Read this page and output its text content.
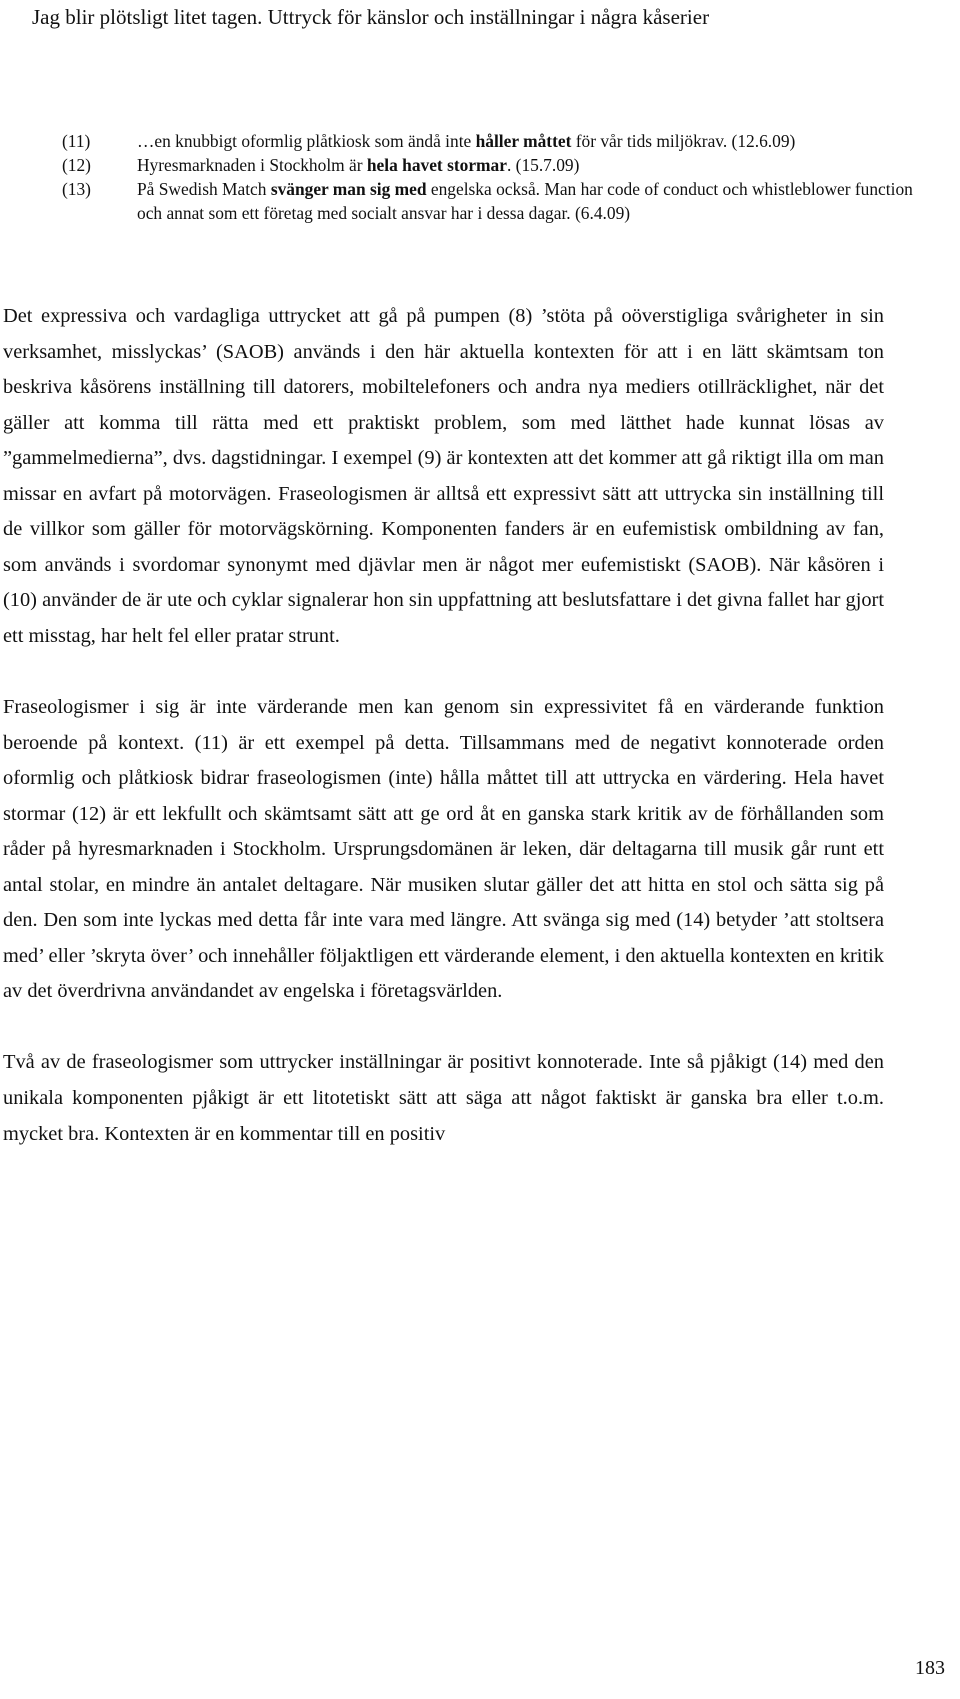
Jag blir plötsligt litet tagen. Uttryck för känslor och inställningar i några kåserier
(11)	…en knubbigt oformlig plåtkiosk som ändå inte håller måttet för vår tids miljökrav. (12.6.09)
(12)	Hyresmarknaden i Stockholm är hela havet stormar. (15.7.09)
(13)	På Swedish Match svänger man sig med engelska också. Man har code of conduct och whistleblower function och annat som ett företag med socialt ansvar har i dessa dagar. (6.4.09)

Det expressiva och vardagliga uttrycket att gå på pumpen (8) ’stöta på oöverstigliga svårigheter in sin verksamhet, misslyckas’ (SAOB) används i den här aktuella kontexten för att i en lätt skämtsam ton beskriva kåsörens inställning till datorers, mobiltelefoners och andra nya mediers otillräcklighet, när det gäller att komma till rätta med ett praktiskt problem, som med lätthet hade kunnat lösas av ”gammelmedierna”, dvs. dagstidningar. I exempel (9) är kontexten att det kommer att gå riktigt illa om man missar en avfart på motorvägen. Fraseologismen är alltså ett expressivt sätt att uttrycka sin inställning till de villkor som gäller för motorvägskörning. Komponenten fanders är en eufemistisk ombildning av fan, som används i svordomar synonymt med djävlar men är något mer eufemistiskt (SAOB). När kåsören i (10) använder de är ute och cyklar signalerar hon sin uppfattning att beslutsfattare i det givna fallet har gjort ett misstag, har helt fel eller pratar strunt.

Fraseologismer i sig är inte värderande men kan genom sin expressivitet få en värderande funktion beroende på kontext. (11) är ett exempel på detta. Tillsammans med de negativt konnoterade orden oformlig och plåtkiosk bidrar fraseologismen (inte) hålla måttet till att uttrycka en värdering. Hela havet stormar (12) är ett lekfullt och skämtsamt sätt att ge ord åt en ganska stark kritik av de förhållanden som råder på hyresmarknaden i Stockholm. Ursprungsdomänen är leken, där deltagarna till musik går runt ett antal stolar, en mindre än antalet deltagare. När musiken slutar gäller det att hitta en stol och sätta sig på den. Den som inte lyckas med detta får inte vara med längre. Att svänga sig med (14) betyder ’att stoltsera med’ eller ’skryta över’ och innehåller följaktligen ett värderande element, i den aktuella kontexten en kritik av det överdrivna användandet av engelska i företagsvärlden.

Två av de fraseologismer som uttrycker inställningar är positivt konnoterade. Inte så pjåkigt (14) med den unikala komponenten pjåkigt är ett litotetiskt sätt att säga att något faktiskt är ganska bra eller t.o.m. mycket bra. Kontexten är en kommentar till en positiv

183
